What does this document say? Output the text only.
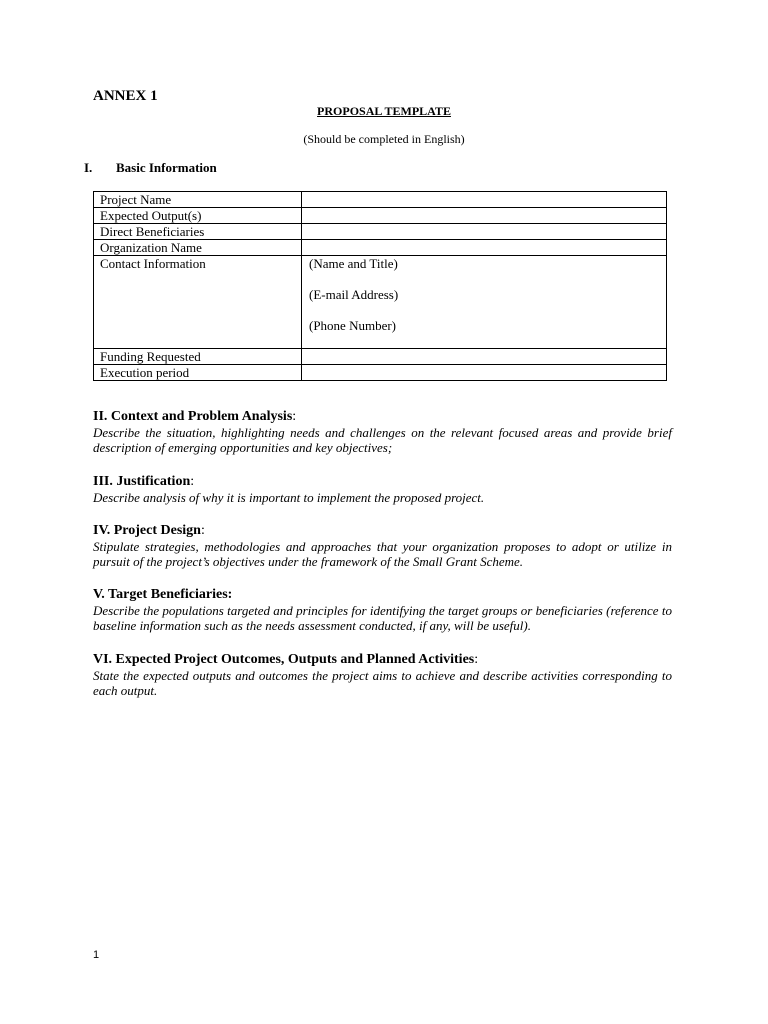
ANNEX 1
PROPOSAL TEMPLATE
(Should be completed in English)
I. Basic Information
Project Name	
Expected Output(s)	
Direct Beneficiaries	
Organization Name	
Contact Information	(Name and Title)
(E-mail Address)
(Phone Number)

Funding Requested	
Execution period	
II. Context and Problem Analysis:

Describe the situation, highlighting needs and challenges on the relevant focused areas and provide brief description of emerging opportunities and key objectives;

III. Justification:

Describe analysis of why it is important to implement the proposed project.

IV. Project Design:

Stipulate strategies, methodologies and approaches that your organization proposes to adopt or utilize in pursuit of the project’s objectives under the framework of the Small Grant Scheme.

V. Target Beneficiaries:

Describe the populations targeted and principles for identifying the target groups or beneficiaries (reference to baseline information such as the needs assessment conducted, if any, will be useful).

VI. Expected Project Outcomes, Outputs and Planned Activities:

State the expected outputs and outcomes the project aims to achieve and describe activities corresponding to each output.

1
